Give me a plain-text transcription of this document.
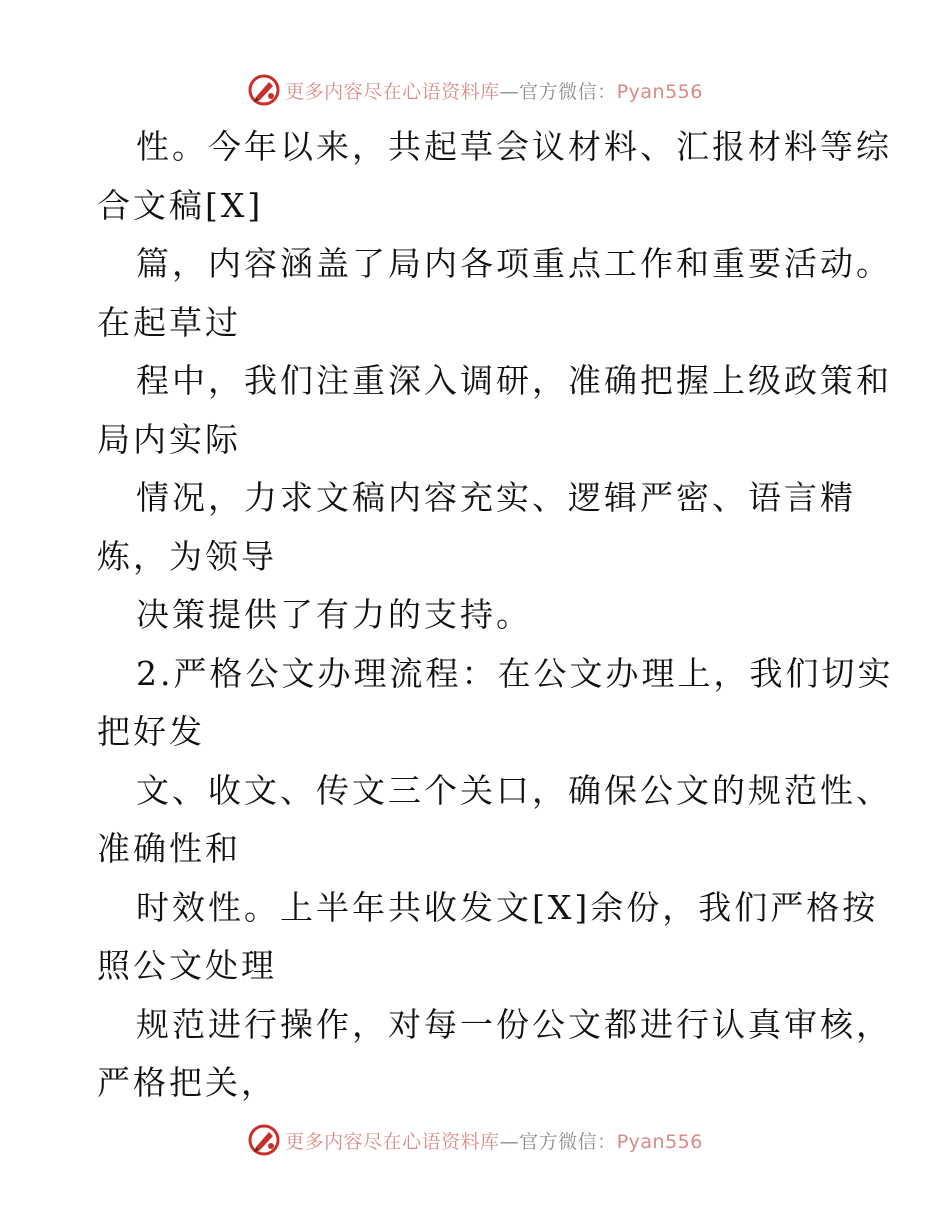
更多内容尽在心语资料库—官方微信：Pyan556
性。今年以来，共起草会议材料、汇报材料等综
合文稿[X]
篇，内容涵盖了局内各项重点工作和重要活动。
在起草过
程中，我们注重深入调研，准确把握上级政策和
局内实际
情况，力求文稿内容充实、逻辑严密、语言精
炼，为领导
决策提供了有力的支持。
2.严格公文办理流程：在公文办理上，我们切实
把好发
文、收文、传文三个关口，确保公文的规范性、
准确性和
时效性。上半年共收发文[X]余份，我们严格按
照公文处理
规范进行操作，对每一份公文都进行认真审核，
严格把关，
更多内容尽在心语资料库—官方微信：Pyan556
